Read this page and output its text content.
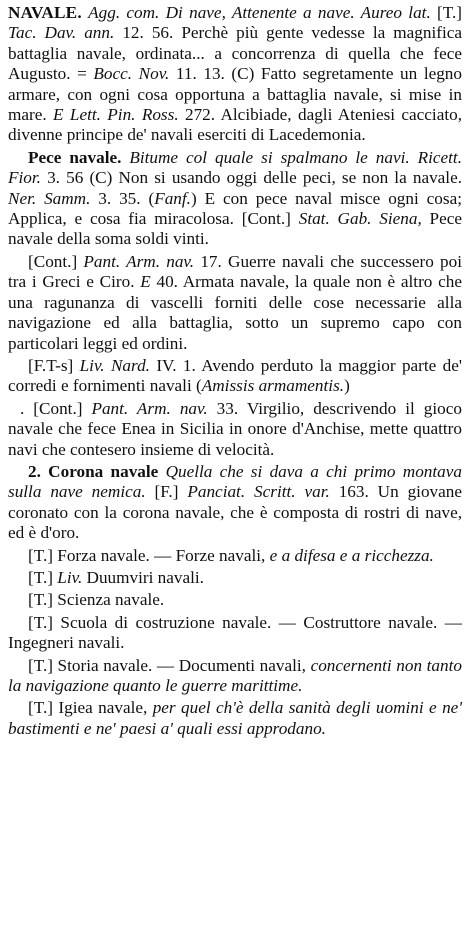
NAVALE. Agg. com. Di nave, Attenente a nave. Aureo lat. [T.] Tac. Dav. ann. 12. 56. Perchè più gente vedesse la magnifica battaglia navale, ordinata... a concorrenza di quella che fece Augusto. = Bocc. Nov. 11. 13. (C) Fatto segretamente un legno armare, con ogni cosa opportuna a battaglia navale, si mise in mare. E Lett. Pin. Ross. 272. Alcibiade, dagli Ateniesi cacciato, divenne principe de' navali eserciti di Lacedemonia.

Pece navale. Bitume col quale si spalmano le navi. Ricett. Fior. 3. 56 (C) Non si usando oggi delle peci, se non la navale. Ner. Samm. 3. 35. (Fanf.) E con pece naval misce ogni cosa; Applica, e cosa fia miracolosa. [Cont.] Stat. Gab. Siena, Pece navale della soma soldi vinti.

[Cont.] Pant. Arm. nav. 17. Guerre navali che successero poi tra i Greci e Ciro. E 40. Armata navale, la quale non è altro che una ragunanza di vascelli forniti delle cose necessarie alla navigazione ed alla battaglia, sotto un supremo capo con particolari leggi ed ordini.

[F.T-s] Liv. Nard. IV. 1. Avendo perduto la maggior parte de' corredi e fornimenti navali (Amissis armamentis.)

. [Cont.] Pant. Arm. nav. 33. Virgilio, descrivendo il gioco navale che fece Enea in Sicilia in onore d'Anchise, mette quattro navi che contesero insieme di velocità.

2. Corona navale Quella che si dava a chi primo montava sulla nave nemica. [F.] Panciat. Scritt. var. 163. Un giovane coronato con la corona navale, che è composta di rostri di nave, ed è d'oro.

[T.] Forza navale. — Forze navali, e a difesa e a ricchezza.

[T.] Liv. Duumviri navali.

[T.] Scienza navale.

[T.] Scuola di costruzione navale. — Costruttore navale. — Ingegneri navali.

[T.] Storia navale. — Documenti navali, concernenti non tanto la navigazione quanto le guerre marittime.

[T.] Igiea navale, per quel ch'è della sanità degli uomini e ne' bastimenti e ne' paesi a' quali essi approdano.
